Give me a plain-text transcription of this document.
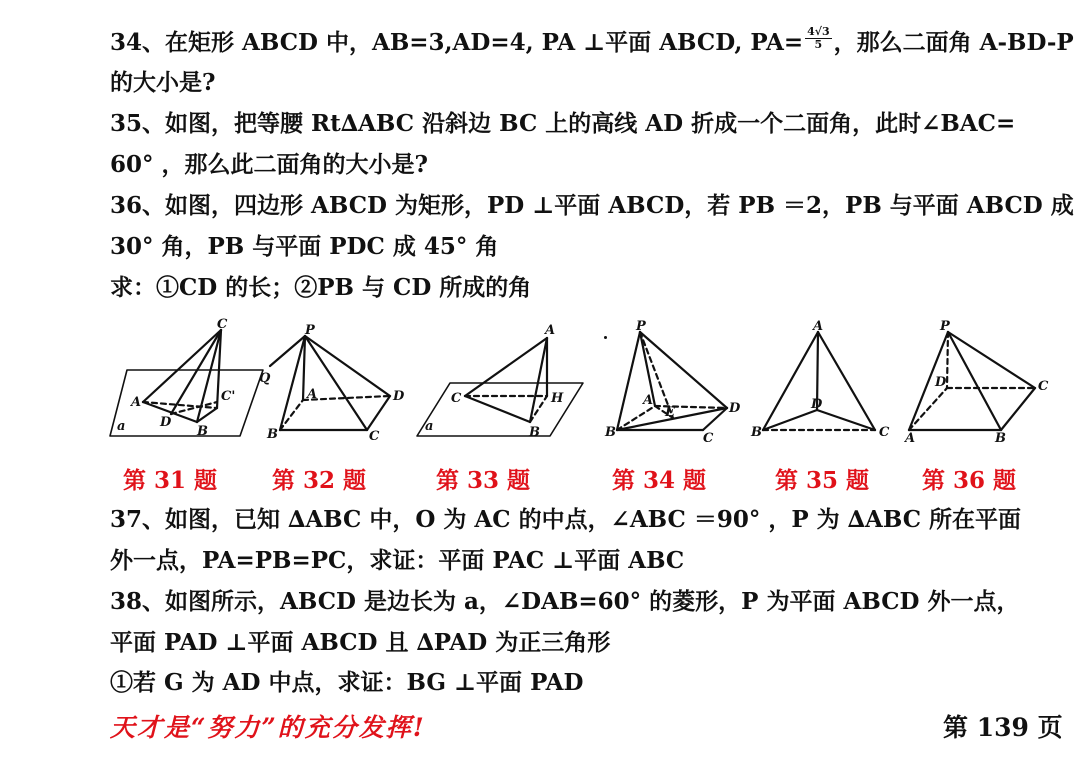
34、在矩形 ABCD 中，AB=3,AD=4, PA ⊥平面 ABCD, $PA= \frac{4√3}{5}$ ，那么二面角 A-BD-P
的大小是?
35、如图，把等腰 Rt∆ABC 沿斜边 BC 上的高线 AD 折成一个二面角，此时∠BAC=
60° ，那么此二面角的大小是?
36、如图，四边形 ABCD 为矩形，PD ⊥平面 ABCD，若 PB ＝2，PB 与平面 ABCD 成
30° 角，PB 与平面 PDC 成 45° 角
求：①CD 的长；②PB 与 CD 所成的角
C
A	C'
D
B
a
P
Q
A	D
B	C
A
C	H
a	B
P
A
E	D
B	C
A
D
B	C
P
D	C
A	B
第 31 题 第 32 题	第 33 题	第 34 题	第 35 题 第 36 题
37、如图，已知 ∆ABC 中，O 为 AC 的中点，∠ABC ＝90° ，P 为 ∆ABC 所在平面
外一点，PA=PB=PC，求证：平面 PAC ⊥平面 ABC
38、如图所示，ABCD 是边长为 a，∠DAB=60° 的菱形，P 为平面 ABCD 外一点，
平面 PAD ⊥平面 ABCD 且 ∆PAD 为正三角形
①若 G 为 AD 中点，求证：BG ⊥平面 PAD
天才是“努力”的充分发挥!	第 139 页
